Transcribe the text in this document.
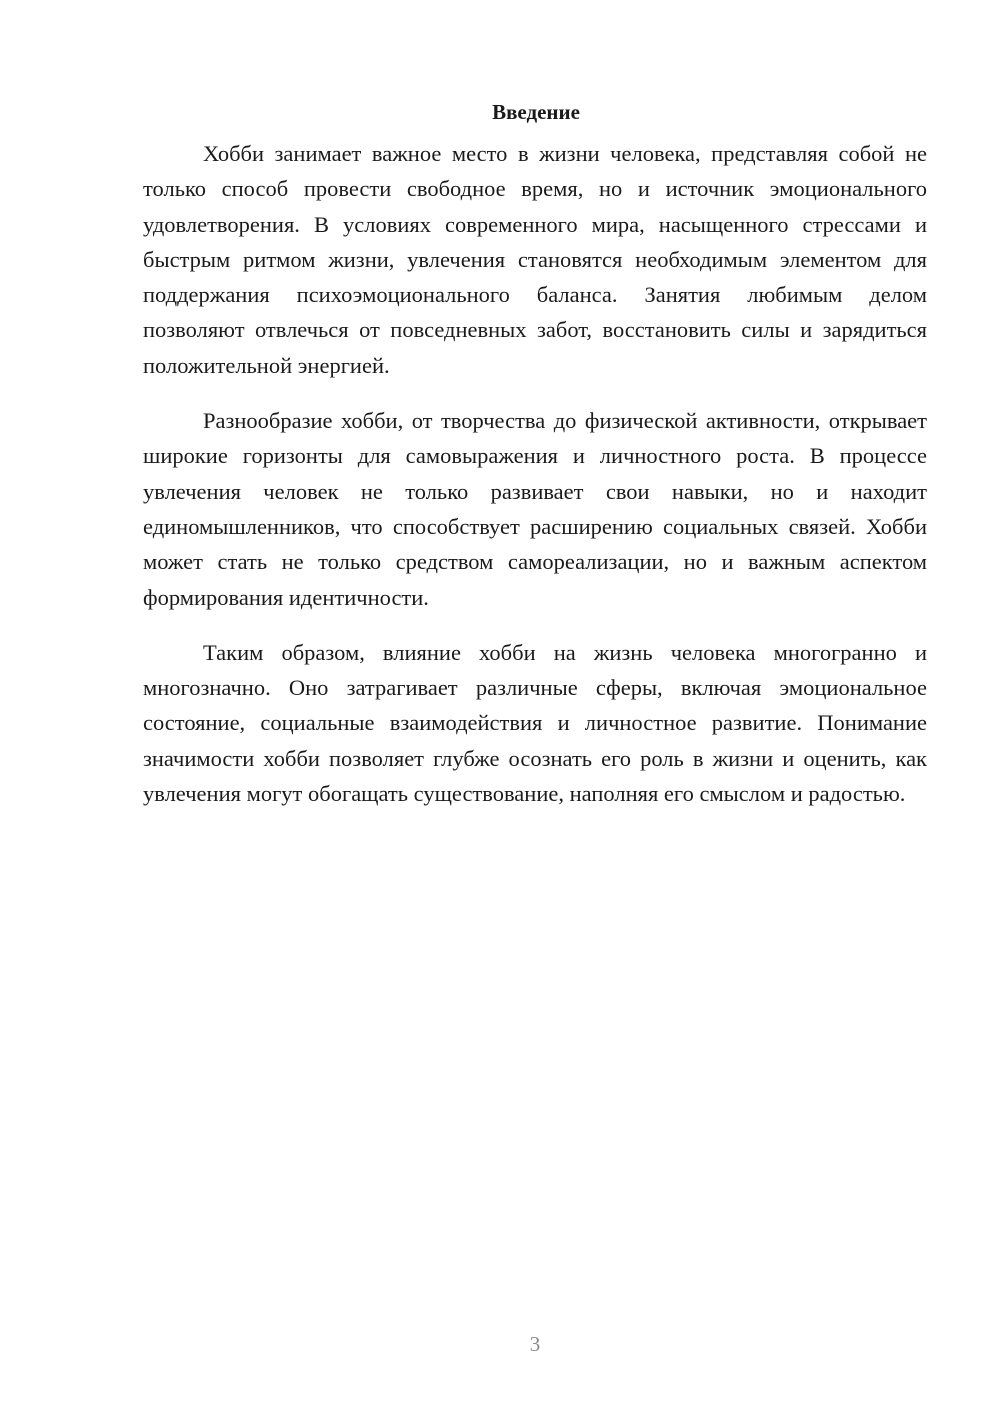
Введение

Хобби занимает важное место в жизни человека, представляя собой не только способ провести свободное время, но и источник эмоционального удовлетворения. В условиях современного мира, насыщенного стрессами и быстрым ритмом жизни, увлечения становятся необходимым элементом для поддержания психоэмоционального баланса. Занятия любимым делом позволяют отвлечься от повседневных забот, восстановить силы и зарядиться положительной энергией.

Разнообразие хобби, от творчества до физической активности, открывает широкие горизонты для самовыражения и личностного роста. В процессе увлечения человек не только развивает свои навыки, но и находит единомышленников, что способствует расширению социальных связей. Хобби может стать не только средством самореализации, но и важным аспектом формирования идентичности.

Таким образом, влияние хобби на жизнь человека многогранно и многозначно. Оно затрагивает различные сферы, включая эмоциональное состояние, социальные взаимодействия и личностное развитие. Понимание значимости хобби позволяет глубже осознать его роль в жизни и оценить, как увлечения могут обогащать существование, наполняя его смыслом и радостью.

3
